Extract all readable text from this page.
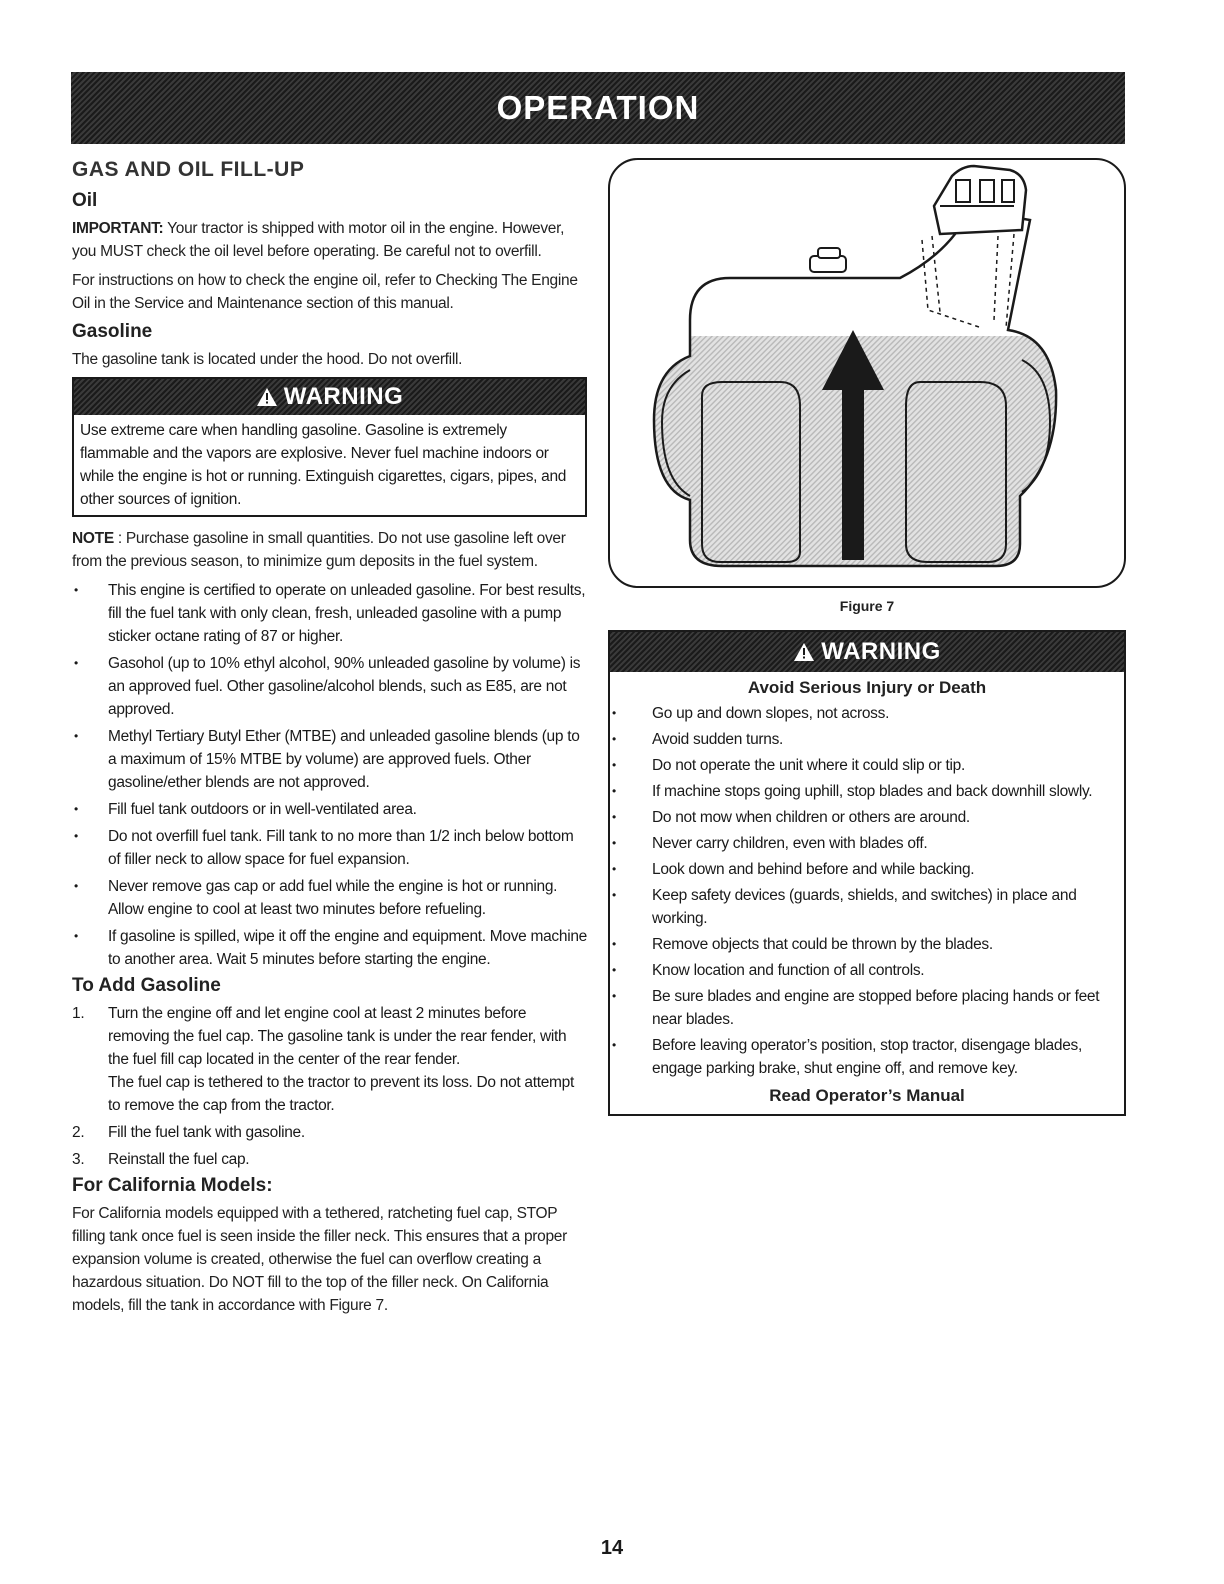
OPERATION
GAS AND OIL FILL-UP
Oil

IMPORTANT: Your tractor is shipped with motor oil in the engine. However, you MUST check the oil level before operating. Be careful not to overfill.

For instructions on how to check the engine oil, refer to Checking The Engine Oil in the Service and Maintenance section of this manual.

Gasoline

The gasoline tank is located under the hood. Do not overfill.

WARNING
Use extreme care when handling gasoline. Gasoline is extremely flammable and the vapors are explosive. Never fuel machine indoors or while the engine is hot or running. Extinguish cigarettes, cigars, pipes, and other sources of ignition.

NOTE : Purchase gasoline in small quantities. Do not use gasoline left over from the previous season, to minimize gum deposits in the fuel system.

• This engine is certified to operate on unleaded gasoline. For best results, fill the fuel tank with only clean, fresh, unleaded gasoline with a pump sticker octane rating of 87 or higher.
• Gasohol (up to 10% ethyl alcohol, 90% unleaded gasoline by volume) is an approved fuel. Other gasoline/alcohol blends, such as E85, are not approved.
• Methyl Tertiary Butyl Ether (MTBE) and unleaded gasoline blends (up to a maximum of 15% MTBE by volume) are approved fuels. Other gasoline/ether blends are not approved.
• Fill fuel tank outdoors or in well-ventilated area.
• Do not overfill fuel tank. Fill tank to no more than 1/2 inch below bottom of filler neck to allow space for fuel expansion.
• Never remove gas cap or add fuel while the engine is hot or running. Allow engine to cool at least two minutes before refueling.
• If gasoline is spilled, wipe it off the engine and equipment. Move machine to another area. Wait 5 minutes before starting the engine.
To Add Gasoline
1. Turn the engine off and let engine cool at least 2 minutes before removing the fuel cap. The gasoline tank is under the rear fender, with the fuel fill cap located in the center of the rear fender.
The fuel cap is tethered to the tractor to prevent its loss. Do not attempt to remove the cap from the tractor.
2. Fill the fuel tank with gasoline.
3. Reinstall the fuel cap.
For California Models:

For California models equipped with a tethered, ratcheting fuel cap, STOP filling tank once fuel is seen inside the filler neck. This ensures that a proper expansion volume is created, otherwise the fuel can overflow creating a hazardous situation. Do NOT fill to the top of the filler neck. On California models, fill the tank in accordance with Figure 7.

Figure 7
WARNING
Avoid Serious Injury or Death
• Go up and down slopes, not across.
• Avoid sudden turns.
• Do not operate the unit where it could slip or tip.
• If machine stops going uphill, stop blades and back downhill slowly.
• Do not mow when children or others are around.
• Never carry children, even with blades off.
• Look down and behind before and while backing.
• Keep safety devices (guards, shields, and switches) in place and working.
• Remove objects that could be thrown by the blades.
• Know location and function of all controls.
• Be sure blades and engine are stopped before placing hands or feet near blades.
• Before leaving operator’s position, stop tractor, disengage blades, engage parking brake, shut engine off, and remove key.
Read Operator’s Manual
14
